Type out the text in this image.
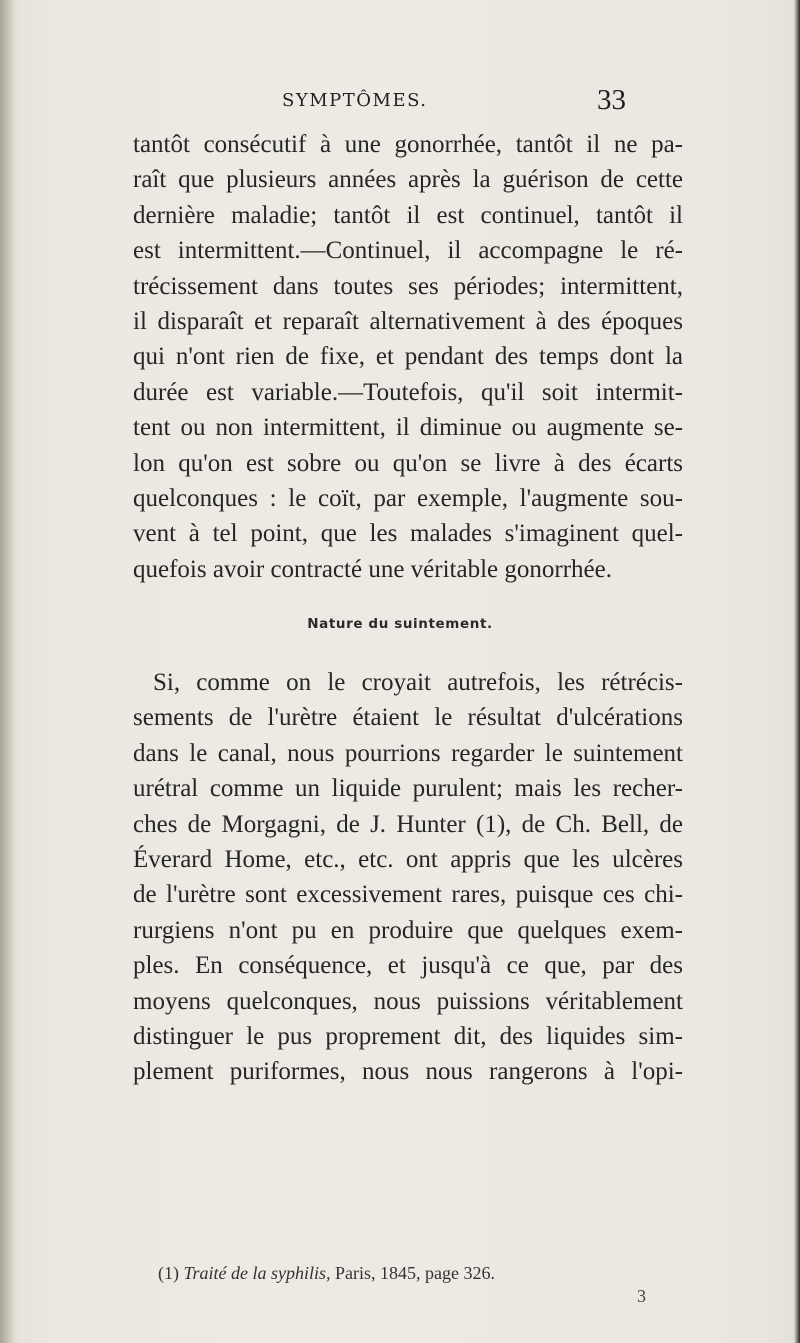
SYMPTÔMES.	33
tantôt consécutif à une gonorrhée, tantôt il ne pa-
raît que plusieurs années après la guérison de cette
dernière maladie; tantôt il est continuel, tantôt il
est intermittent.—Continuel, il accompagne le ré-
trécissement dans toutes ses périodes; intermittent,
il disparaît et reparaît alternativement à des époques
qui n'ont rien de fixe, et pendant des temps dont la
durée est variable.—Toutefois, qu'il soit intermit-
tent ou non intermittent, il diminue ou augmente se-
lon qu'on est sobre ou qu'on se livre à des écarts
quelconques : le coït, par exemple, l'augmente sou-
vent à tel point, que les malades s'imaginent quel-
quefois avoir contracté une véritable gonorrhée.
Nature du suintement.
Si, comme on le croyait autrefois, les rétrécis-
sements de l'urètre étaient le résultat d'ulcérations
dans le canal, nous pourrions regarder le suintement
urétral comme un liquide purulent; mais les recher-
ches de Morgagni, de J. Hunter (1), de Ch. Bell, de
Éverard Home, etc., etc. ont appris que les ulcères
de l'urètre sont excessivement rares, puisque ces chi-
rurgiens n'ont pu en produire que quelques exem-
ples. En conséquence, et jusqu'à ce que, par des
moyens quelconques, nous puissions véritablement
distinguer le pus proprement dit, des liquides sim-
plement puriformes, nous nous rangerons à l'opi-
(1) Traité de la syphilis, Paris, 1845, page 326.
3
